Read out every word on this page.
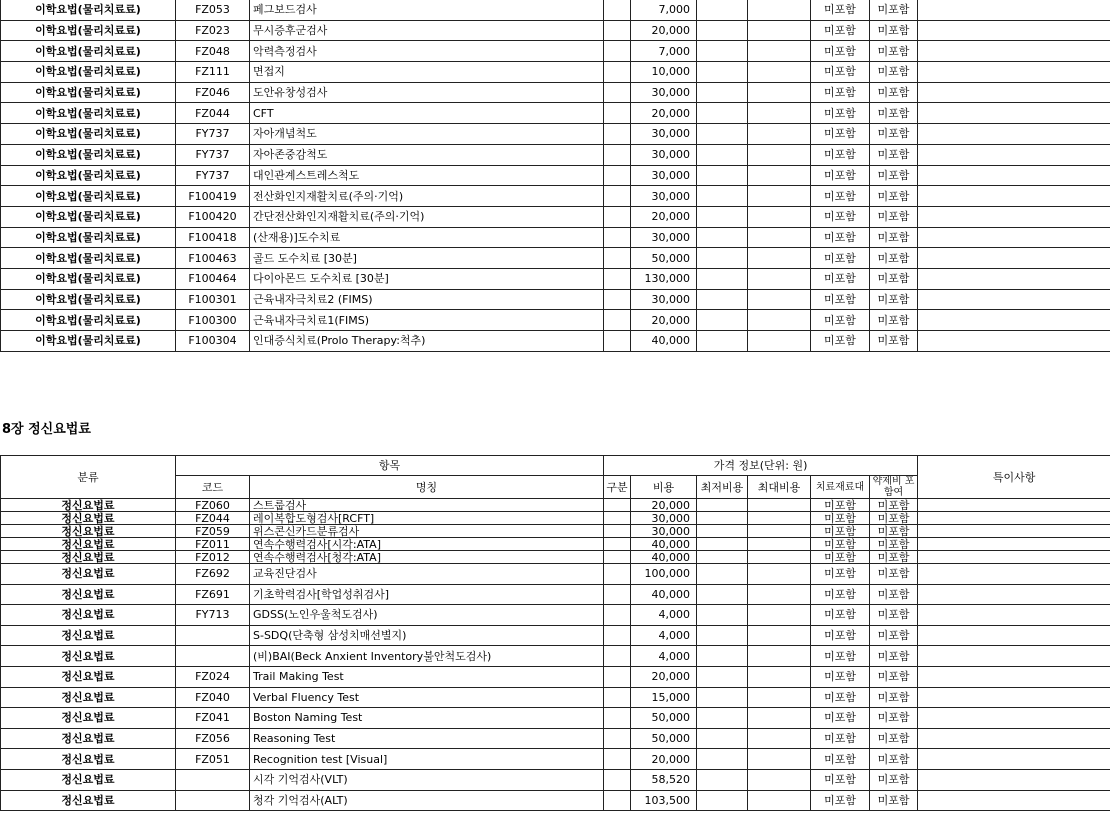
이학요법(물리치료료)	FZ053	페그보드검사		7,000			미포함	미포함	
이학요법(물리치료료)	FZ023	무시증후군검사		20,000			미포함	미포함	
이학요법(물리치료료)	FZ048	악력측정검사		7,000			미포함	미포함	
이학요법(물리치료료)	FZ111	면접지		10,000			미포함	미포함	
이학요법(물리치료료)	FZ046	도안유창성검사		30,000			미포함	미포함	
이학요법(물리치료료)	FZ044	CFT		20,000			미포함	미포함	
이학요법(물리치료료)	FY737	자아개념척도		30,000			미포함	미포함	
이학요법(물리치료료)	FY737	자아존중감척도		30,000			미포함	미포함	
이학요법(물리치료료)	FY737	대인관계스트레스척도		30,000			미포함	미포함	
이학요법(물리치료료)	F100419	전산화인지재활치료(주의·기억)		30,000			미포함	미포함	
이학요법(물리치료료)	F100420	간단전산화인지재활치료(주의·기억)		20,000			미포함	미포함	
이학요법(물리치료료)	F100418	(산재용)]도수치료		30,000			미포함	미포함	
이학요법(물리치료료)	F100463	골드 도수치료 [30분]		50,000			미포함	미포함	
이학요법(물리치료료)	F100464	다이아몬드 도수치료 [30분]		130,000			미포함	미포함	
이학요법(물리치료료)	F100301	근육내자극치료2 (FIMS)		30,000			미포함	미포함	
이학요법(물리치료료)	F100300	근육내자극치료1(FIMS)		20,000			미포함	미포함	
이학요법(물리치료료)	F100304	인대증식치료(Prolo Therapy:척추)		40,000			미포함	미포함	
8장 정신요법료
분류	항목		가격 정보(단위: 원)						특이사항
	코드	명칭	구분	비용	최저비용	최대비용	치료재료대	약제비 포함여	
정신요법료	FZ060	스트룹검사		20,000			미포함	미포함	
정신요법료	FZ044	레이복합도형검사[RCFT]		30,000			미포함	미포함	
정신요법료	FZ059	위스콘신카드분류검사		30,000			미포함	미포함	
정신요법료	FZ011	연속수행력검사[시각:ATA]		40,000			미포함	미포함	
정신요법료	FZ012	연속수행력검사[청각:ATA]		40,000			미포함	미포함	
정신요법료	FZ692	교육진단검사		100,000			미포함	미포함	
정신요법료	FZ691	기초학력검사[학업성취검사]		40,000			미포함	미포함	
정신요법료	FY713	GDSS(노인우울척도검사)		4,000			미포함	미포함	
정신요법료		S-SDQ(단축형 삼성치매선별지)		4,000			미포함	미포함	
정신요법료		(비)BAI(Beck Anxient Inventory불안척도검사)		4,000			미포함	미포함	
정신요법료	FZ024	Trail Making Test		20,000			미포함	미포함	
정신요법료	FZ040	Verbal Fluency Test		15,000			미포함	미포함	
정신요법료	FZ041	Boston Naming Test		50,000			미포함	미포함	
정신요법료	FZ056	Reasoning Test		50,000			미포함	미포함	
정신요법료	FZ051	Recognition test [Visual]		20,000			미포함	미포함	
정신요법료		시각 기억검사(VLT)		58,520			미포함	미포함	
정신요법료		청각 기억검사(ALT)		103,500			미포함	미포함	
